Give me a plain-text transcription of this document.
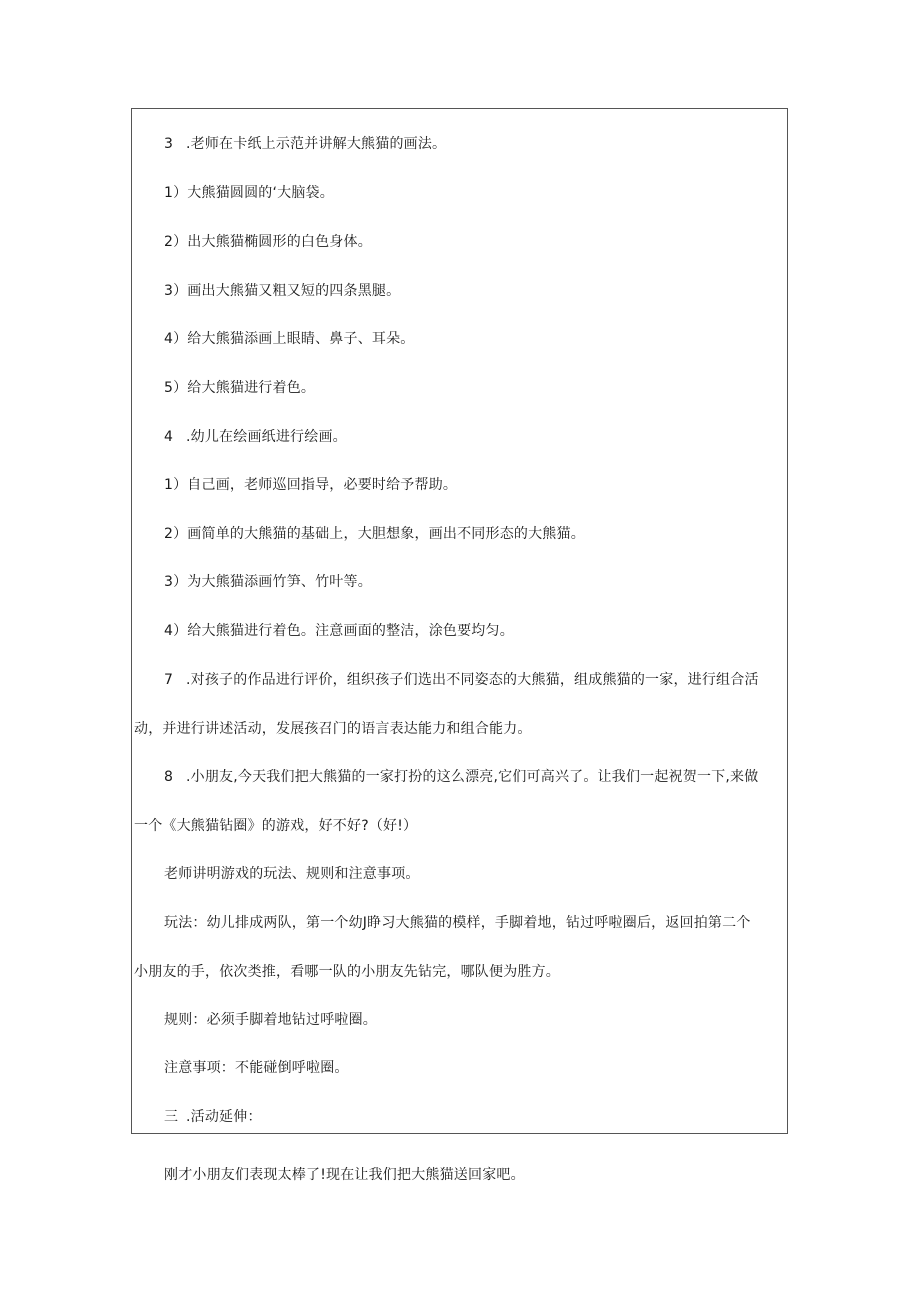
3 .老师在卡纸上示范并讲解大熊猫的画法。
1）大熊猫圆圆的‘大脑袋。
2）出大熊猫椭圆形的白色身体。
3）画出大熊猫又粗又短的四条黑腿。
4）给大熊猫添画上眼睛、鼻子、耳朵。
5）给大熊猫进行着色。
4 .幼儿在绘画纸进行绘画。
1）自己画，老师巡回指导，必要时给予帮助。
2）画简单的大熊猫的基础上，大胆想象，画出不同形态的大熊猫。
3）为大熊猫添画竹笋、竹叶等。
4）给大熊猫进行着色。注意画面的整洁，涂色要均匀。
7 .对孩子的作品进行评价，组织孩子们选出不同姿态的大熊猫，组成熊猫的一家，进行组合活
动，并进行讲述活动，发展孩召门的语言表达能力和组合能力。
8 .小朋友,今天我们把大熊猫的一家打扮的这么漂亮,它们可高兴了。让我们一起祝贺一下,来做
一个《大熊猫钻圈》的游戏，好不好?（好!）
老师讲明游戏的玩法、规则和注意事项。
玩法：幼儿排成两队，第一个幼J睁习大熊猫的模样，手脚着地，钻过呼啦圈后，返回拍第二个
小朋友的手，依次类推，看哪一队的小朋友先钻完，哪队便为胜方。
规则：必须手脚着地钻过呼啦圈。
注意事项：不能碰倒呼啦圈。
三 .活动延伸：
刚才小朋友们表现太棒了!现在让我们把大熊猫送回家吧。
